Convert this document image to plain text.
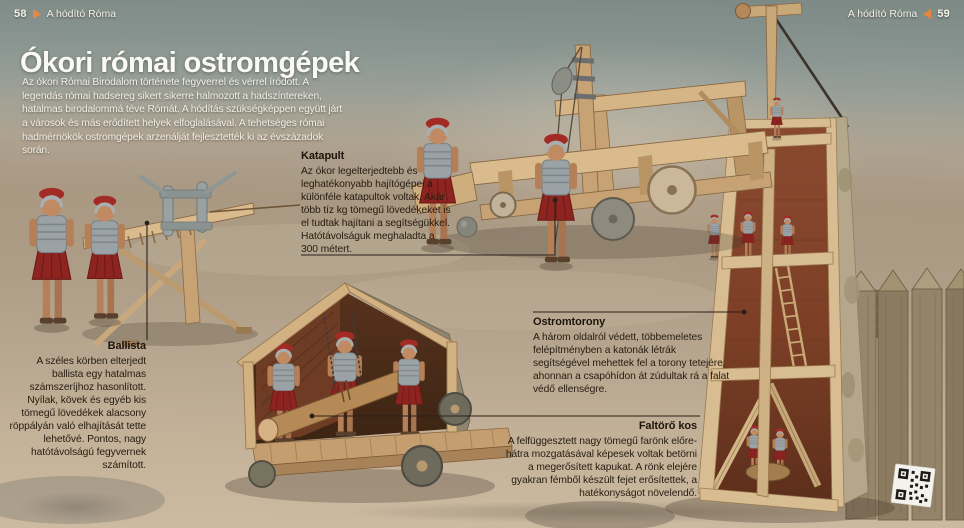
58 A hódító Róma	A hódító Róma 59
Ókori római ostromgépek

Az ókori Római Birodalom története fegyverrel és vérrel íródott. A legendás római hadsereg sikert sikerre halmozott a hadszíntereken, hatalmas birodalommá téve Rómát. A hódítás szükségképpen együtt járt a városok és más erődített helyek elfoglalásával. A tehetséges római hadmérnökök ostromgépek arzenálját fejlesztették ki az évszázadok során.	Katapult

Az ókor legelterjedtebb és leghatékonyabb hajítógépei a különféle katapultok voltak. Akár több tíz kg tömegű lövedékeket is el tudtak hajítani a segítségükkel. Hatótávolságuk meghaladta a 300 métert.

Ballista

A széles körben elterjedt ballista egy hatalmas számszeríjhoz hasonlított. Nyílak, kövek és egyéb kis tömegű lövedékek alacsony röppályán való elhajítását tette lehetővé. Pontos, nagy hatótávolságú fegyvernek számított.

Ostromtorony

A három oldalról védett, többemeletes felépítményben a katonák létrák segítségével mehettek fel a torony tetejére, ahonnan a csapóhídon át zúdultak rá a falat védő ellenségre.

Faltörő kos

A felfüggesztett nagy tömegű farönk előre-hátra mozgatásával képesek voltak betörni a megerősített kapukat. A rönk elejére gyakran fémből készült fejet erősítettek, a hatékonyságot növelendő.
